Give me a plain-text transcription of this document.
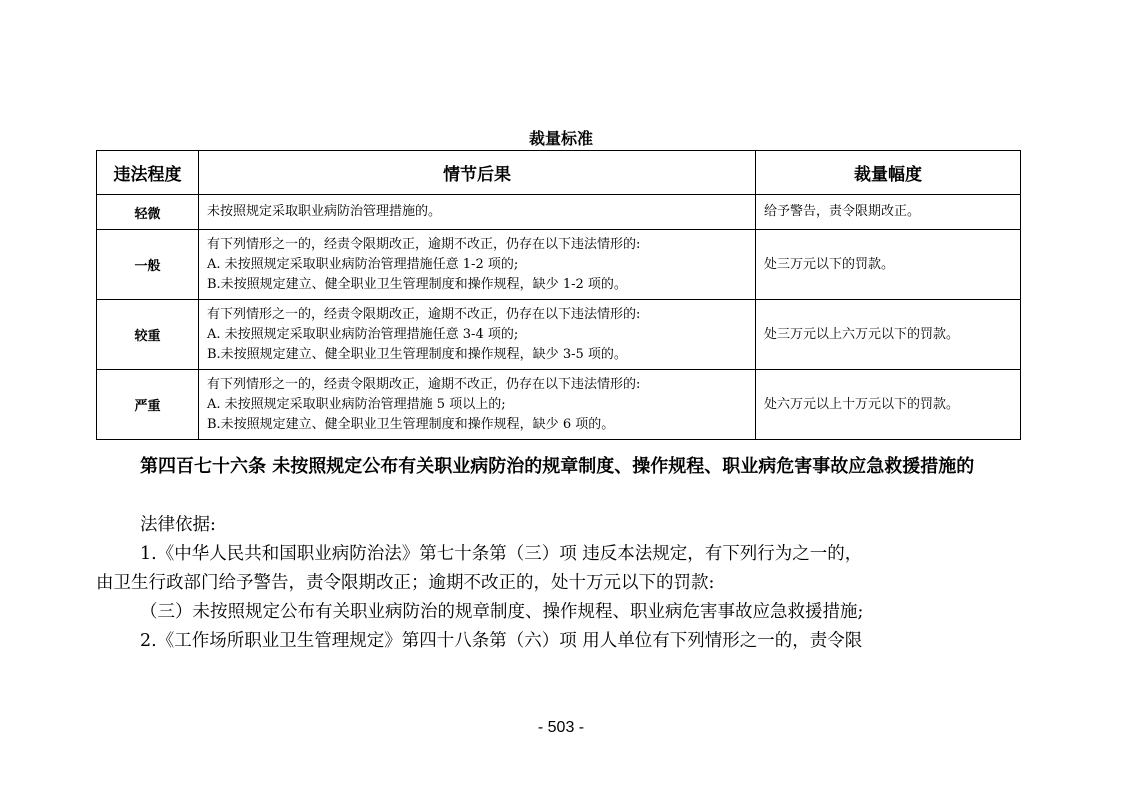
裁量标准
违法程度	情节后果	裁量幅度
轻微	未按照规定采取职业病防治管理措施的。	给予警告，责令限期改正。
一般	有下列情形之一的，经责令限期改正，逾期不改正，仍存在以下违法情形的:
A. 未按照规定采取职业病防治管理措施任意 1-2 项的;
B.未按照规定建立、健全职业卫生管理制度和操作规程，缺少 1-2 项的。	处三万元以下的罚款。
较重	有下列情形之一的，经责令限期改正，逾期不改正，仍存在以下违法情形的:
A. 未按照规定采取职业病防治管理措施任意 3-4 项的;
B.未按照规定建立、健全职业卫生管理制度和操作规程，缺少 3-5 项的。	处三万元以上六万元以下的罚款。
严重	有下列情形之一的，经责令限期改正，逾期不改正，仍存在以下违法情形的:
A. 未按照规定采取职业病防治管理措施 5 项以上的;
B.未按照规定建立、健全职业卫生管理制度和操作规程，缺少 6 项的。	处六万元以上十万元以下的罚款。
第四百七十六条 未按照规定公布有关职业病防治的规章制度、操作规程、职业病危害事故应急救援措施的
法律依据:
1.《中华人民共和国职业病防治法》第七十条第（三）项 违反本法规定，有下列行为之一的，
由卫生行政部门给予警告，责令限期改正；逾期不改正的，处十万元以下的罚款:
（三）未按照规定公布有关职业病防治的规章制度、操作规程、职业病危害事故应急救援措施;
2.《工作场所职业卫生管理规定》第四十八条第（六）项 用人单位有下列情形之一的，责令限
- 503 -
